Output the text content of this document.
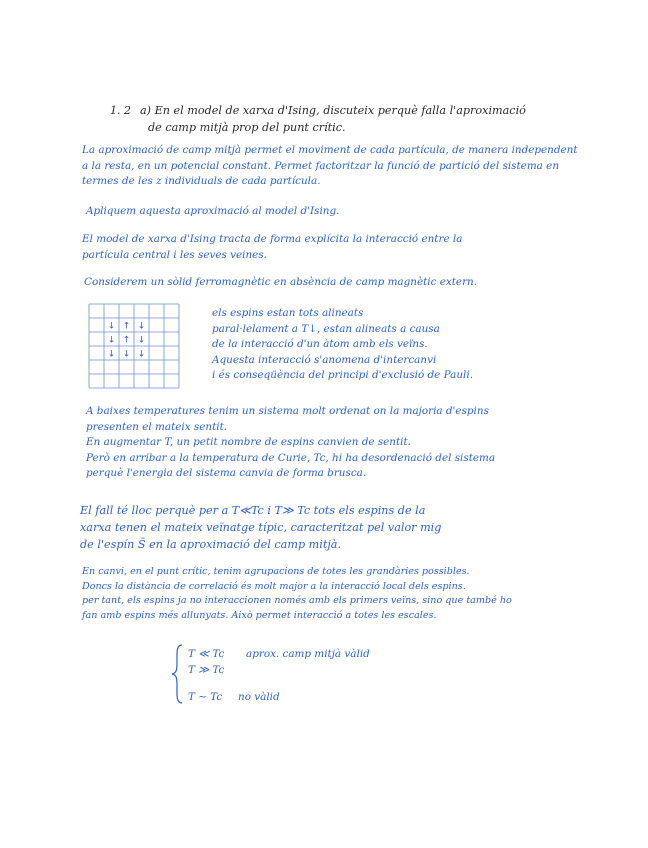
1. 2 a) En el model de xarxa d'Ising, discuteix perquè falla l'aproximació
de camp mitjà prop del punt crític.
La aproximació de camp mitjà permet el moviment de cada partícula, de manera independent
a la resta, en un potencial constant. Permet factoritzar la funció de partició del sistema en
termes de les z individuals de cada partícula.
Apliquem aquesta aproximació al model d'Ising.
El model de xarxa d'Ising tracta de forma explícita la interacció entre la
partícula central i les seves veines.
Considerem un sòlid ferromagnètic en absència de camp magnètic extern.
↓ ↑ ↓
↓ ↑ ↓
↓ ↓ ↓
els espins estan tots alineats
paral·lelament a T↓, estan alineats a causa
de la interacció d'un àtom amb els veïns.
Aquesta interacció s'anomena d'intercanvi
i és conseqüència del principi d'exclusió de Pauli.
A baixes temperatures tenim un sistema molt ordenat on la majoria d'espins
presenten el mateix sentit.
En augmentar T, un petit nombre de espins canvien de sentit.
Però en arribar a la temperatura de Curie, Tc, hi ha desordenació del sistema
perquè l'energia del sistema canvia de forma brusca.
El fall té lloc perquè per a T≪Tc i T≫ Tc tots els espins de la
xarxa tenen el mateix veïnatge típic, caracteritzat pel valor mig
de l'espín S̄ en la aproximació del camp mitjà.
En canvi, en el punt crític, tenim agrupacions de totes les grandàries possibles.
Doncs la distància de correlació és molt major a la interacció local dels espins.
per tant, els espins ja no interaccionen només amb els primers veïns, sino que també ho
fan amb espins més allunyats. Això permet interacció a totes les escales.
T ≪ Tc aprox. camp mitjà vàlid
T ≫ Tc
T ∼ Tc no vàlid
